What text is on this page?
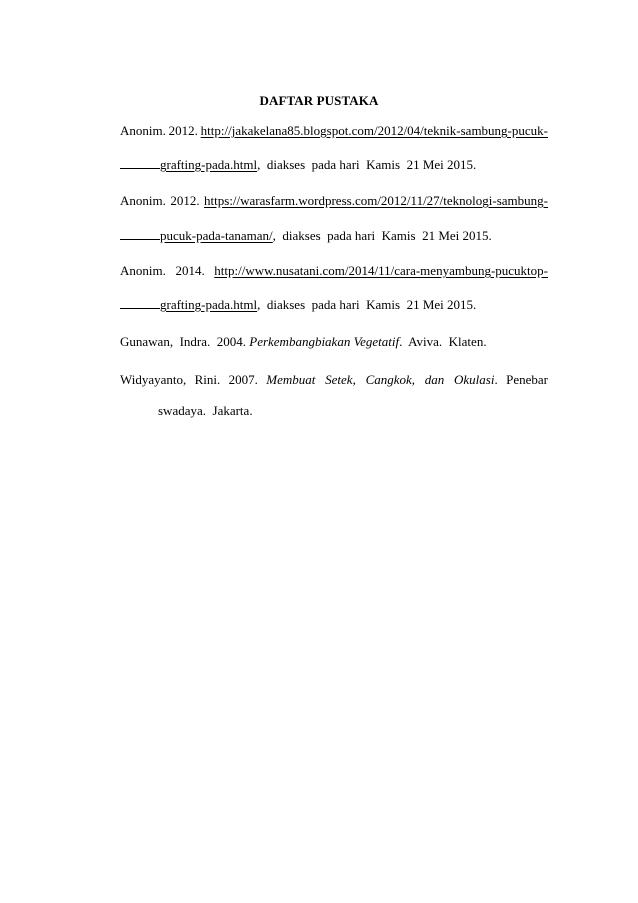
DAFTAR PUSTAKA
Anonim. 2012. http://jakakelana85.blogspot.com/2012/04/teknik-sambung-pucuk-
grafting-pada.html ,  diakses  pada hari  Kamis  21 Mei 2015.
Anonim. 2012. https://warasfarm.wordpress.com/2012/11/27/teknologi-sambung-
pucuk-pada-tanaman/ ,  diakses  pada hari  Kamis  21 Mei 2015.
Anonim. 2014. http://www.nusatani.com/2014/11/cara-menyambung-pucuktop-
grafting-pada.html ,  diakses  pada hari  Kamis  21 Mei 2015.
Gunawan,  Indra.  2004. Perkembangbiakan Vegetatif.  Aviva.  Klaten.
Widyayanto, Rini. 2007. Membuat   Setek,   Cangkok,   dan   Okulasi. Penebar
swadaya.  Jakarta.
